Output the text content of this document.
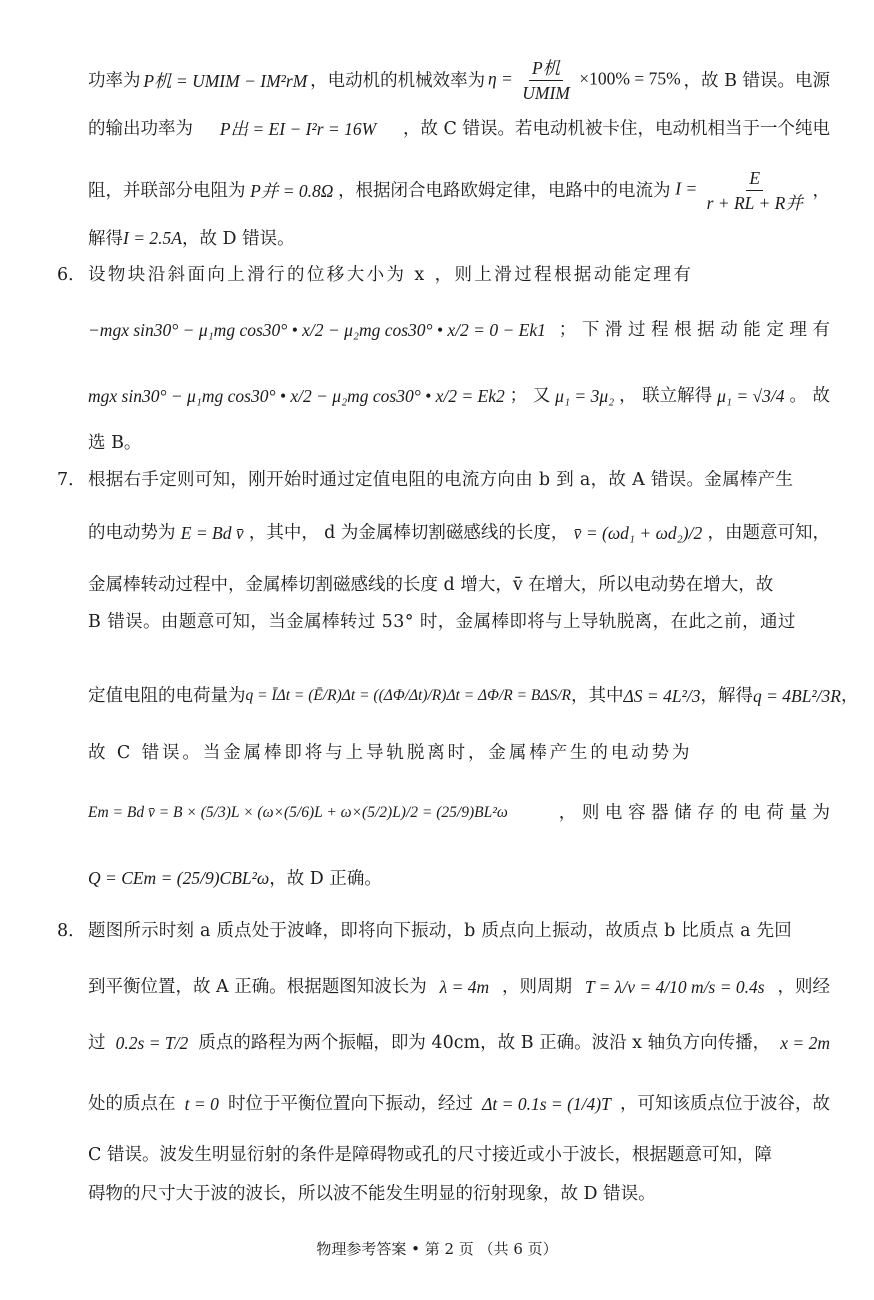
功率为 P机 = UMIM − IM²rM ，电动机的机械效率为 η =
P机
UMIM
×100% = 75% ，故 B 错误。电源
的输出功率为 P出 = EI − I²r = 16W ，故 C 错误。若电动机被卡住，电动机相当于一个纯电
阻，并联部分电阻为 P并 = 0.8Ω ，根据闭合电路欧姆定律，电路中的电流为 I =
E
r + RL + R并
，
解得I = 2.5A，故 D 错误。
6． 设物块沿斜面向上滑行的位移大小为 x ，则上滑过程根据动能定理有
−mgx sin30° − μ₁mg cos30° • x/2 − μ₂mg cos30° • x/2 = 0 − Ek1 ； 下 滑 过 程 根 据 动 能 定 理 有
mgx sin30° − μ₁mg cos30° • x/2 − μ₂mg cos30° • x/2 = Ek2 ； 又 μ₁ = 3μ₂ ， 联立解得 μ₁ = √3/4 。 故
选 B。
7． 根据右手定则可知，刚开始时通过定值电阻的电流方向由 b 到 a，故 A 错误。金属棒产生
的电动势为 E = Bd v̄ ，其中， d 为金属棒切割磁感线的长度， v̄ = (ωd₁ + ωd₂)/2 ，由题意可知，
金属棒转动过程中，金属棒切割磁感线的长度 d 增大，v̄ 在增大，所以电动势在增大，故
B 错误。由题意可知，当金属棒转过 53° 时，金属棒即将与上导轨脱离，在此之前，通过
定值电阻的电荷量为 q = ĪΔt = (Ē/R)Δt = ((ΔΦ/Δt)/R)Δt = ΔΦ/R = BΔS/R ，其中 ΔS = 4L²/3 ，解得 q = 4BL²/3R ，
故 C 错误。当金属棒即将与上导轨脱离时，金属棒产生的电动势为
Em = Bd v̄ = B × (5/3)L × (ω×(5/6)L + ω×(5/2)L)/2 = (25/9)BL²ω	， 则 电 容 器 储 存 的 电 荷 量 为
Q = CEm = (25/9)CBL²ω，故 D 正确。
8． 题图所示时刻 a 质点处于波峰，即将向下振动，b 质点向上振动，故质点 b 比质点 a 先回
到平衡位置，故 A 正确。根据题图知波长为 λ = 4m ，则周期 T = λ/v = 4/10 m/s = 0.4s ，则经
过 0.2s = T/2 质点的路程为两个振幅，即为 40cm，故 B 正确。波沿 x 轴负方向传播， x = 2m
处的质点在 t = 0 时位于平衡位置向下振动，经过 Δt = 0.1s = (1/4)T ，可知该质点位于波谷，故
C 错误。波发生明显衍射的条件是障碍物或孔的尺寸接近或小于波长，根据题意可知，障
碍物的尺寸大于波的波长，所以波不能发生明显的衍射现象，故 D 错误。
物理参考答案 • 第 2 页 （共 6 页）
